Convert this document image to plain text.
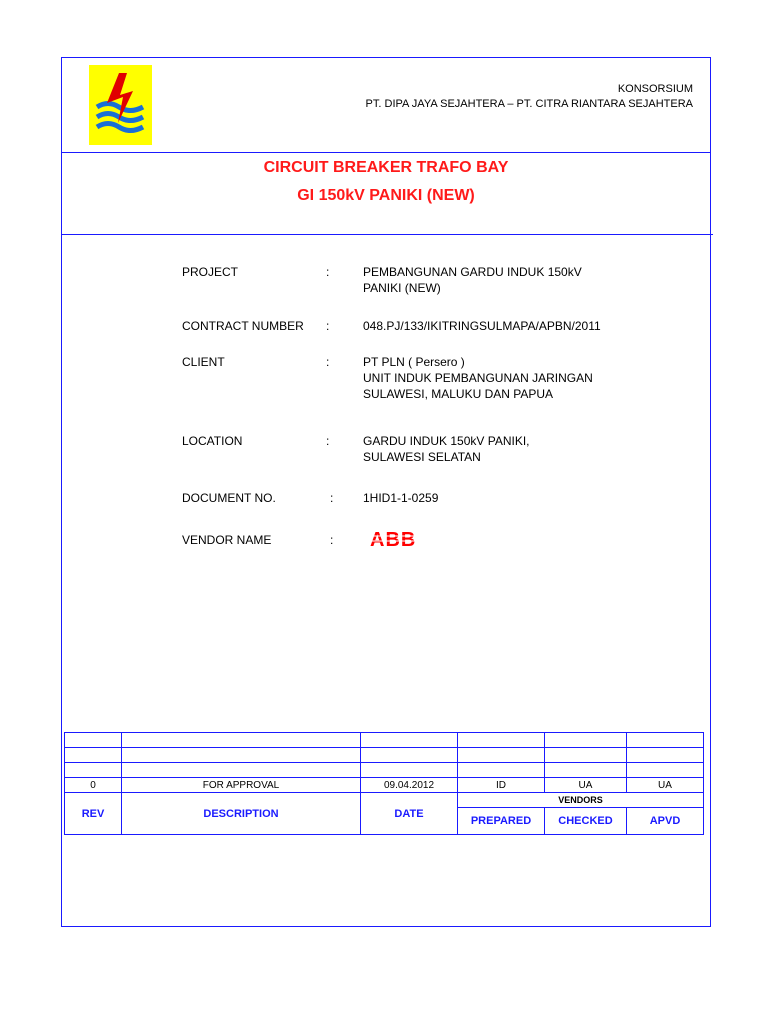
KONSORSIUM
PT. DIPA JAYA SEJAHTERA – PT. CITRA RIANTARA SEJAHTERA
CIRCUIT BREAKER TRAFO BAY
GI 150kV PANIKI (NEW)
PROJECT	:	PEMBANGUNAN GARDU INDUK 150kV
PANIKI (NEW)
CONTRACT NUMBER :	048.PJ/133/IKITRINGSULMAPA/APBN/2011
CLIENT	:	PT PLN ( Persero )
UNIT INDUK PEMBANGUNAN JARINGAN
SULAWESI, MALUKU DAN PAPUA
LOCATION	:	GARDU INDUK 150kV PANIKI,
SULAWESI SELATAN
DOCUMENT NO.	: 1HID1-1-0259
VENDOR NAME	: ABB

0	FOR APPROVAL	09.04.2012	ID	UA	UA
REV	DESCRIPTION	DATE	VENDORS		
			PREPARED	CHECKED	APVD
